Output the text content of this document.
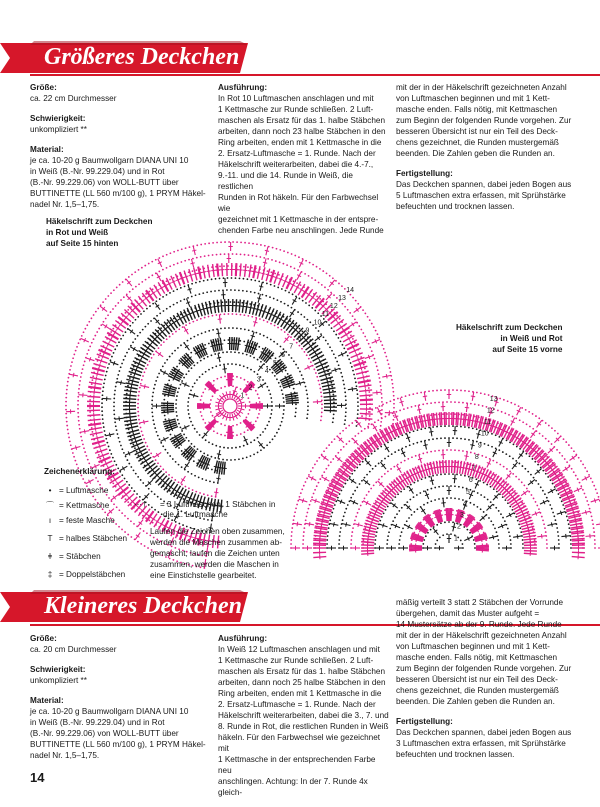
Größeres Deckchen

Größe:
ca. 22 cm Durchmesser

Schwierigkeit:
unkompliziert **

Material:
je ca. 10-20 g Baumwollgarn DIANA UNI 10
in Weiß (B.-Nr. 99.229.04) und in Rot
(B.-Nr. 99.229.06) von WOLL-BUTT über
BUTTINETTE (LL 560 m/100 g), 1 PRYM Häkel-
nadel Nr. 1,5–1,75.

Ausführung:
In Rot 10 Luftmaschen anschlagen und mit
1 Kettmasche zur Runde schließen. 2 Luft-
maschen als Ersatz für das 1. halbe Stäbchen
arbeiten, dann noch 23 halbe Stäbchen in den
Ring arbeiten, enden mit 1 Kettmasche in die
2. Ersatz-Luftmasche = 1. Runde. Nach der
Häkelschrift weiterarbeiten, dabei die 4.-7.,
9.-11. und die 14. Runde in Weiß, die restlichen
Runden in Rot häkeln. Für den Farbwechsel wie
gezeichnet mit 1 Kettmasche in der entspre-
chenden Farbe neu anschlingen. Jede Runde

mit der in der Häkelschrift gezeichneten Anzahl
von Luftmaschen beginnen und mit 1 Kett-
masche enden. Falls nötig, mit Kettmaschen
zum Beginn der folgenden Runde vorgehen. Zur
besseren Übersicht ist nur ein Teil des Deck-
chens gezeichnet, die Runden mustergemäß
beenden. Die Zahlen geben die Runden an.

Fertigstellung:
Das Deckchen spannen, dabei jeden Bogen aus
5 Luftmaschen extra erfassen, mit Sprühstärke
befeuchten und trocknen lassen.

Häkelschrift zum Deckchen
in Rot und Weiß
auf Seite 15 hinten
Häkelschrift zum Deckchen
in Weiß und Rot
auf Seite 15 vorne
1
2
3
4
5
6
7
8
9
10
11
12
13
14
1
2
3
4
5
6
7
8
9
10
11
12
13
Zeichenerklärung:
• = Luftmasche
⌒ = Kettmasche
ı = feste Masche
T = halbes Stäbchen
ǂ = Stäbchen
‡ = Doppelstäbchen
⋯†	= 3 Luftmaschen, 1 Stäbchen in
die 1. Luftmasche
Laufen die Zeichen oben zusammen,
werden die Maschen zusammen ab-
gemascht, laufen die Zeichen unten
zusammen, werden die Maschen in
eine Einstichstelle gearbeitet.
Kleineres Deckchen

Größe:
ca. 20 cm Durchmesser

Schwierigkeit:
unkompliziert **

Material:
je ca. 10-20 g Baumwollgarn DIANA UNI 10
in Weiß (B.-Nr. 99.229.04) und in Rot
(B.-Nr. 99.229.06) von WOLL-BUTT über
BUTTINETTE (LL 560 m/100 g), 1 PRYM Häkel-
nadel Nr. 1,5–1,75.

Ausführung:
In Weiß 12 Luftmaschen anschlagen und mit
1 Kettmasche zur Runde schließen. 2 Luft-
maschen als Ersatz für das 1. halbe Stäbchen
arbeiten, dann noch 25 halbe Stäbchen in den
Ring arbeiten, enden mit 1 Kettmasche in die
2. Ersatz-Luftmasche = 1. Runde. Nach der
Häkelschrift weiterarbeiten, dabei die 3., 7. und
8. Runde in Rot, die restlichen Runden in Weiß
häkeln. Für den Farbwechsel wie gezeichnet mit
1 Kettmasche in der entsprechenden Farbe neu
anschlingen. Achtung: In der 7. Runde 4x gleich-

mäßig verteilt 3 statt 2 Stäbchen der Vorrunde
übergehen, damit das Muster aufgeht =
14 Mustersätze ab der 9. Runde. Jede Runde
mit der in der Häkelschrift gezeichneten Anzahl
von Luftmaschen beginnen und mit 1 Kett-
masche enden. Falls nötig, mit Kettmaschen
zum Beginn der folgenden Runde vorgehen. Zur
besseren Übersicht ist nur ein Teil des Deck-
chens gezeichnet, die Runden mustergemäß
beenden. Die Zahlen geben die Runden an.

Fertigstellung:
Das Deckchen spannen, dabei jeden Bogen aus
3 Luftmaschen extra erfassen, mit Sprühstärke
befeuchten und trocknen lassen.

14
